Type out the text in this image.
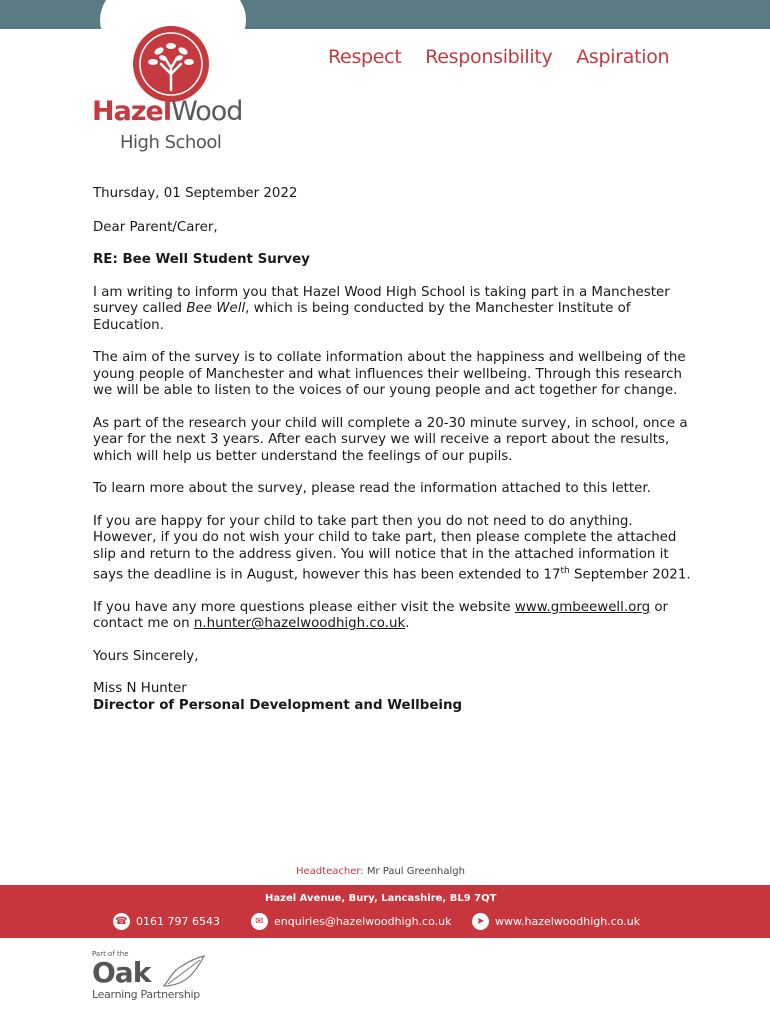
HazelWood
High School
Respect Responsibility Aspiration

Thursday, 01 September 2022

Dear Parent/Carer,

RE: Bee Well Student Survey

I am writing to inform you that Hazel Wood High School is taking part in a Manchester survey called Bee Well, which is being conducted by the Manchester Institute of Education.

The aim of the survey is to collate information about the happiness and wellbeing of the young people of Manchester and what influences their wellbeing. Through this research we will be able to listen to the voices of our young people and act together for change.

As part of the research your child will complete a 20-30 minute survey, in school, once a year for the next 3 years. After each survey we will receive a report about the results, which will help us better understand the feelings of our pupils.

To learn more about the survey, please read the information attached to this letter.

If you are happy for your child to take part then you do not need to do anything. However, if you do not wish your child to take part, then please complete the attached slip and return to the address given. You will notice that in the attached information it says the deadline is in August, however this has been extended to 17th September 2021.

If you have any more questions please either visit the website www.gmbeewell.org or contact me on n.hunter@hazelwoodhigh.co.uk.

Yours Sincerely,

Miss N Hunter

Director of Personal Development and Wellbeing

Headteacher: Mr Paul Greenhalgh
Hazel Avenue, Bury, Lancashire, BL9 7QT
☎ 0161 797 6543	✉ enquiries@hazelwoodhigh.co.uk	➤ www.hazelwoodhigh.co.uk
Part of the
Oak
Learning Partnership
